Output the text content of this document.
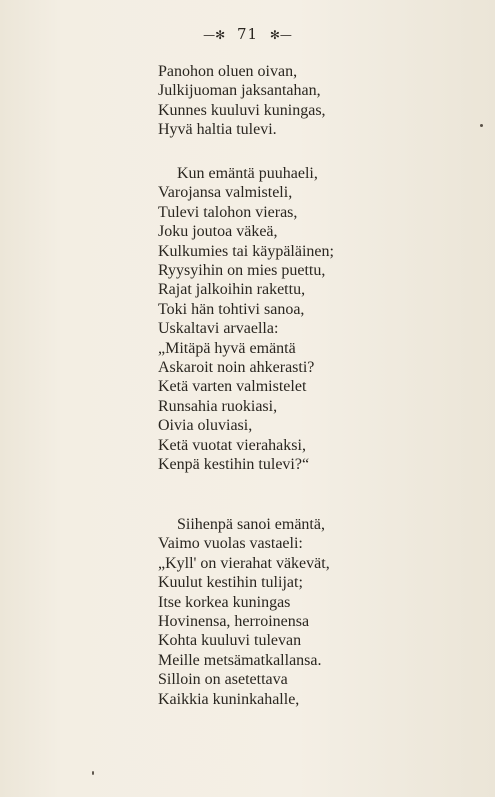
—✻ 71 ✻—
Panohon oluen oivan,
Julkijuoman jaksantahan,
Kunnes kuuluvi kuningas,
Hyvä haltia tulevi.
Kun emäntä puuhaeli,
Varojansa valmisteli,
Tulevi talohon vieras,
Joku joutoa väkeä,
Kulkumies tai käypäläinen;
Ryysyihin on mies puettu,
Rajat jalkoihin rakettu,
Toki hän tohtivi sanoa,
Uskaltavi arvaella:
„Mitäpä hyvä emäntä
Askaroit noin ahkerasti?
Ketä varten valmistelet
Runsahia ruokiasi,
Oivia oluviasi,
Ketä vuotat vierahaksi,
Kenpä kestihin tulevi?“
Siihenpä sanoi emäntä,
Vaimo vuolas vastaeli:
„Kyll' on vierahat väkevät,
Kuulut kestihin tulijat;
Itse korkea kuningas
Hovinensa, herroinensa
Kohta kuuluvi tulevan
Meille metsämatkallansa.
Silloin on asetettava
Kaikkia kuninkahalle,
